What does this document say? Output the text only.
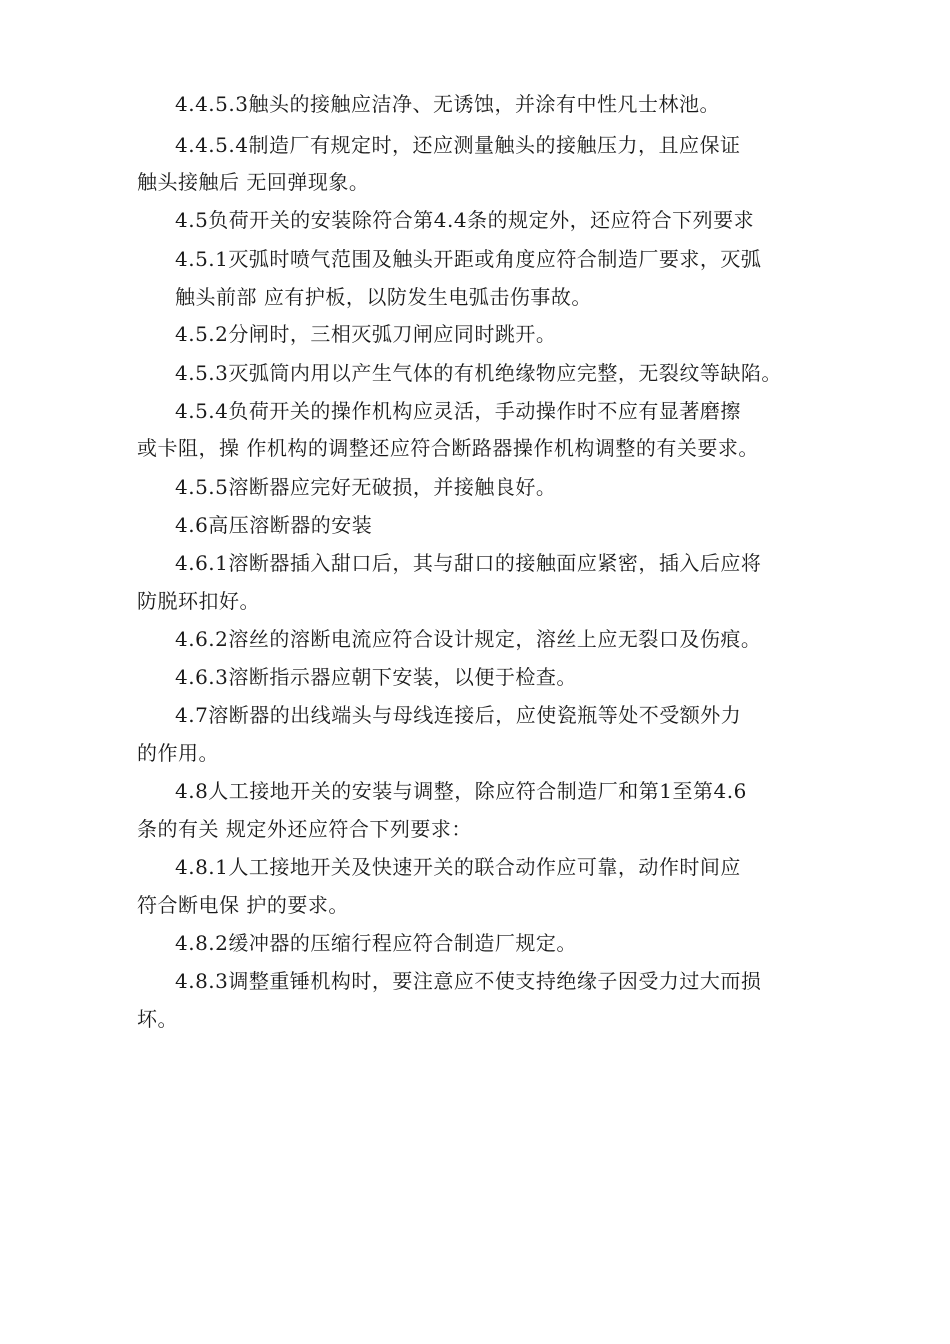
4.4.5.3触头的接触应洁净、无诱蚀，并涂有中性凡士林池。
4.4.5.4制造厂有规定时，还应测量触头的接触压力，且应保证
触头接触后 无回弹现象。
4.5负荷开关的安装除符合第4.4条的规定外，还应符合下列要求
4.5.1灭弧时喷气范围及触头开距或角度应符合制造厂要求，灭弧
触头前部 应有护板，以防发生电弧击伤事故。
4.5.2分闸时，三相灭弧刀闸应同时跳开。
4.5.3灭弧筒内用以产生气体的有机绝缘物应完整，无裂纹等缺陷。
4.5.4负荷开关的操作机构应灵活，手动操作时不应有显著磨擦
或卡阻，操 作机构的调整还应符合断路器操作机构调整的有关要求。
4.5.5溶断器应完好无破损，并接触良好。
4.6高压溶断器的安装
4.6.1溶断器插入甜口后，其与甜口的接触面应紧密，插入后应将
防脱环扣好。
4.6.2溶丝的溶断电流应符合设计规定，溶丝上应无裂口及伤痕。
4.6.3溶断指示器应朝下安装，以便于检查。
4.7溶断器的出线端头与母线连接后，应使瓷瓶等处不受额外力
的作用。
4.8人工接地开关的安装与调整，除应符合制造厂和第1至第4.6
条的有关 规定外还应符合下列要求：
4.8.1人工接地开关及快速开关的联合动作应可靠，动作时间应
符合断电保 护的要求。
4.8.2缓冲器的压缩行程应符合制造厂规定。
4.8.3调整重锤机构时，要注意应不使支持绝缘子因受力过大而损
坏。
